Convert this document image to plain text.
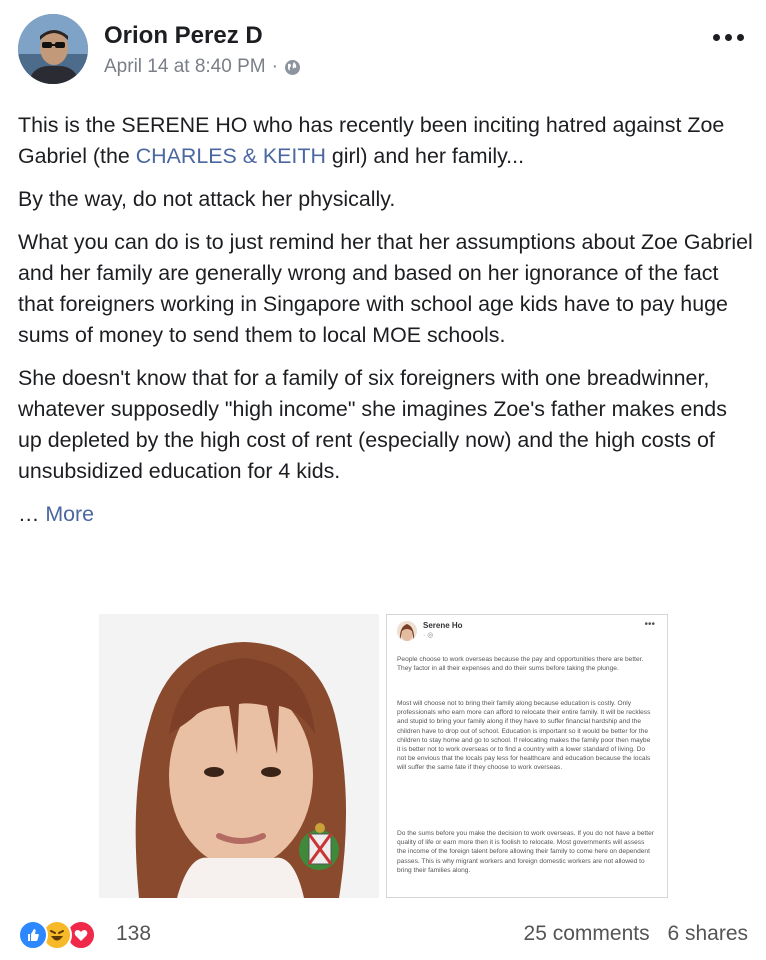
Orion Perez D
April 14 at 8:40 PM ·

This is the SERENE HO who has recently been inciting hatred against Zoe Gabriel (the CHARLES & KEITH girl) and her family...

By the way, do not attack her physically.

What you can do is to just remind her that her assumptions about Zoe Gabriel and her family are generally wrong and based on her ignorance of the fact that foreigners working in Singapore with school age kids have to pay huge sums of money to send them to local MOE schools.

She doesn't know that for a family of six foreigners with one breadwinner, whatever supposedly "high income" she imagines Zoe's father makes ends up depleted by the high cost of rent (especially now) and the high costs of unsubsidized education for 4 kids.

… More

Serene Ho
· ◎
•••
People choose to work overseas because the pay and opportunities there are better. They factor in all their expenses and do their sums before taking the plunge.
Most will choose not to bring their family along because education is costly. Only professionals who earn more can afford to relocate their entire family. It will be reckless and stupid to bring your family along if they have to suffer financial hardship and the children have to drop out of school. Education is important so it would be better for the children to stay home and go to school. If relocating makes the family poor then maybe it is better not to work overseas or to find a country with a lower standard of living. Do not be envious that the locals pay less for healthcare and education because the locals will suffer the same fate if they choose to work overseas.
Do the sums before you make the decision to work overseas. If you do not have a better quality of life or earn more then it is foolish to relocate. Most governments will assess the income of the foreign talent before allowing their family to come here on dependent passes. This is why migrant workers and foreign domestic workers are not allowed to bring their families along.
138	25 comments 6 shares
